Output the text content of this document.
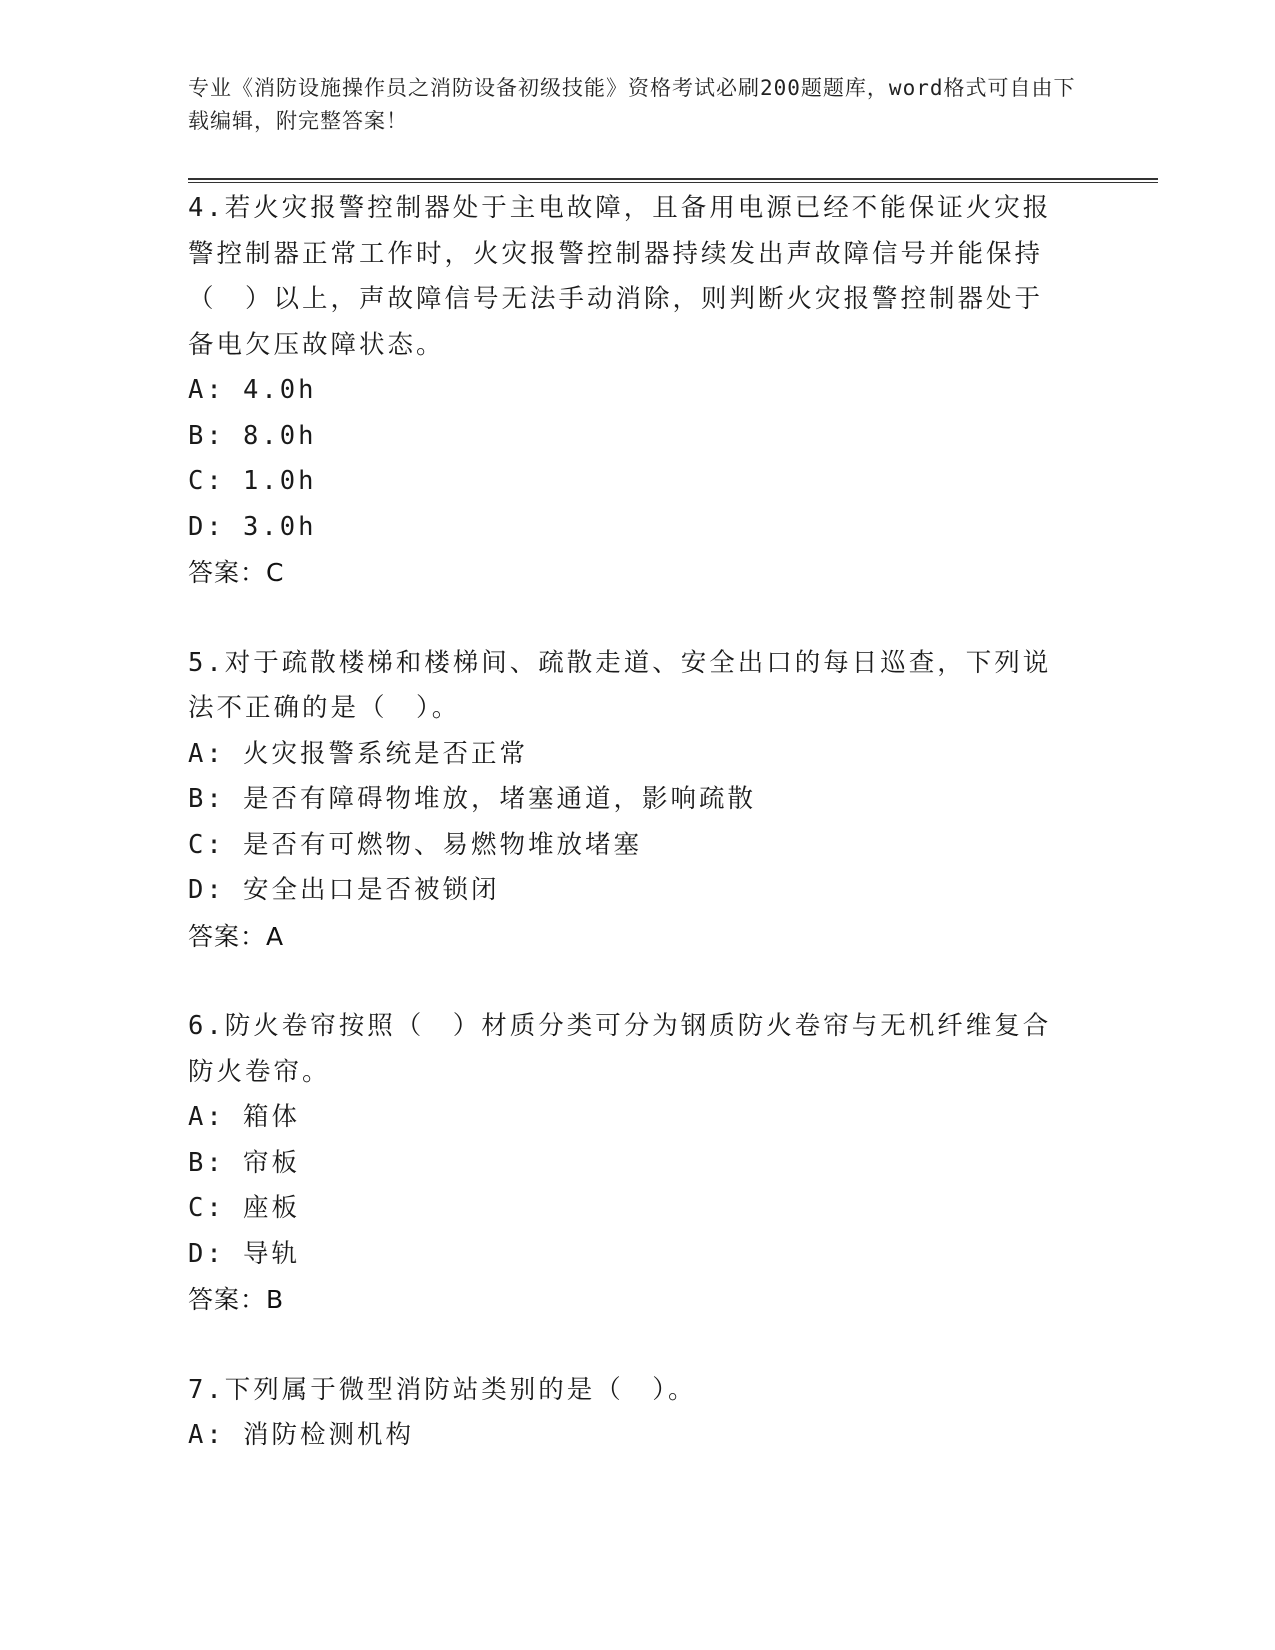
专业《消防设施操作员之消防设备初级技能》资格考试必刷200题题库，word格式可自由下载编辑，附完整答案！

4.若火灾报警控制器处于主电故障，且备用电源已经不能保证火灾报警控制器正常工作时，火灾报警控制器持续发出声故障信号并能保持（　）以上，声故障信号无法手动消除，则判断火灾报警控制器处于备电欠压故障状态。

A: 4.0h

B: 8.0h

C: 1.0h

D: 3.0h

答案：C

5.对于疏散楼梯和楼梯间、疏散走道、安全出口的每日巡查，下列说法不正确的是（　）。

A: 火灾报警系统是否正常

B: 是否有障碍物堆放，堵塞通道，影响疏散

C: 是否有可燃物、易燃物堆放堵塞

D: 安全出口是否被锁闭

答案：A

6.防火卷帘按照（　）材质分类可分为钢质防火卷帘与无机纤维复合防火卷帘。

A: 箱体

B: 帘板

C: 座板

D: 导轨

答案：B

7.下列属于微型消防站类别的是（　）。

A: 消防检测机构
